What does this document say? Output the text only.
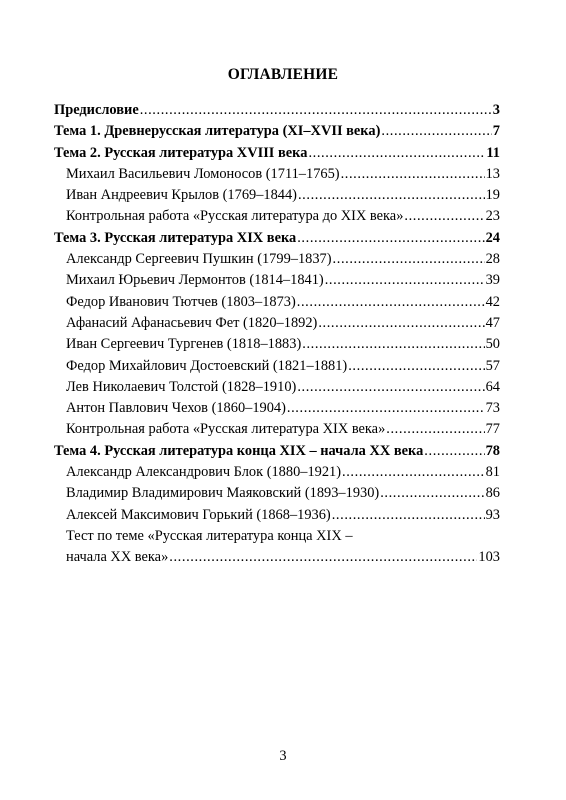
ОГЛАВЛЕНИЕ
Предисловие .....	3
Тема 1. Древнерусская литература (XI–XVII века) .....	7
Тема 2. Русская литература XVIII века .....	11
Михаил Васильевич Ломоносов (1711–1765) .....	13
Иван Андреевич Крылов (1769–1844) .....	19
Контрольная работа «Русская литература до XIX века» .....	23
Тема 3. Русская литература XIX века .....	24
Александр Сергеевич Пушкин (1799–1837) .....	28
Михаил Юрьевич Лермонтов (1814–1841) .....	39
Федор Иванович Тютчев (1803–1873) .....	42
Афанасий Афанасьевич Фет (1820–1892) .....	47
Иван Сергеевич Тургенев (1818–1883) .....	50
Федор Михайлович Достоевский (1821–1881) .....	57
Лев Николаевич Толстой (1828–1910) .....	64
Антон Павлович Чехов (1860–1904) .....	73
Контрольная работа «Русская литература XIX века» .....	77
Тема 4. Русская литература конца XIX – начала XX века .....	78
Александр Александрович Блок (1880–1921) .....	81
Владимир Владимирович Маяковский (1893–1930) .....	86
Алексей Максимович Горький (1868–1936) .....	93
Тест по теме «Русская литература конца XIX –
начала XX века» .....	103
3
